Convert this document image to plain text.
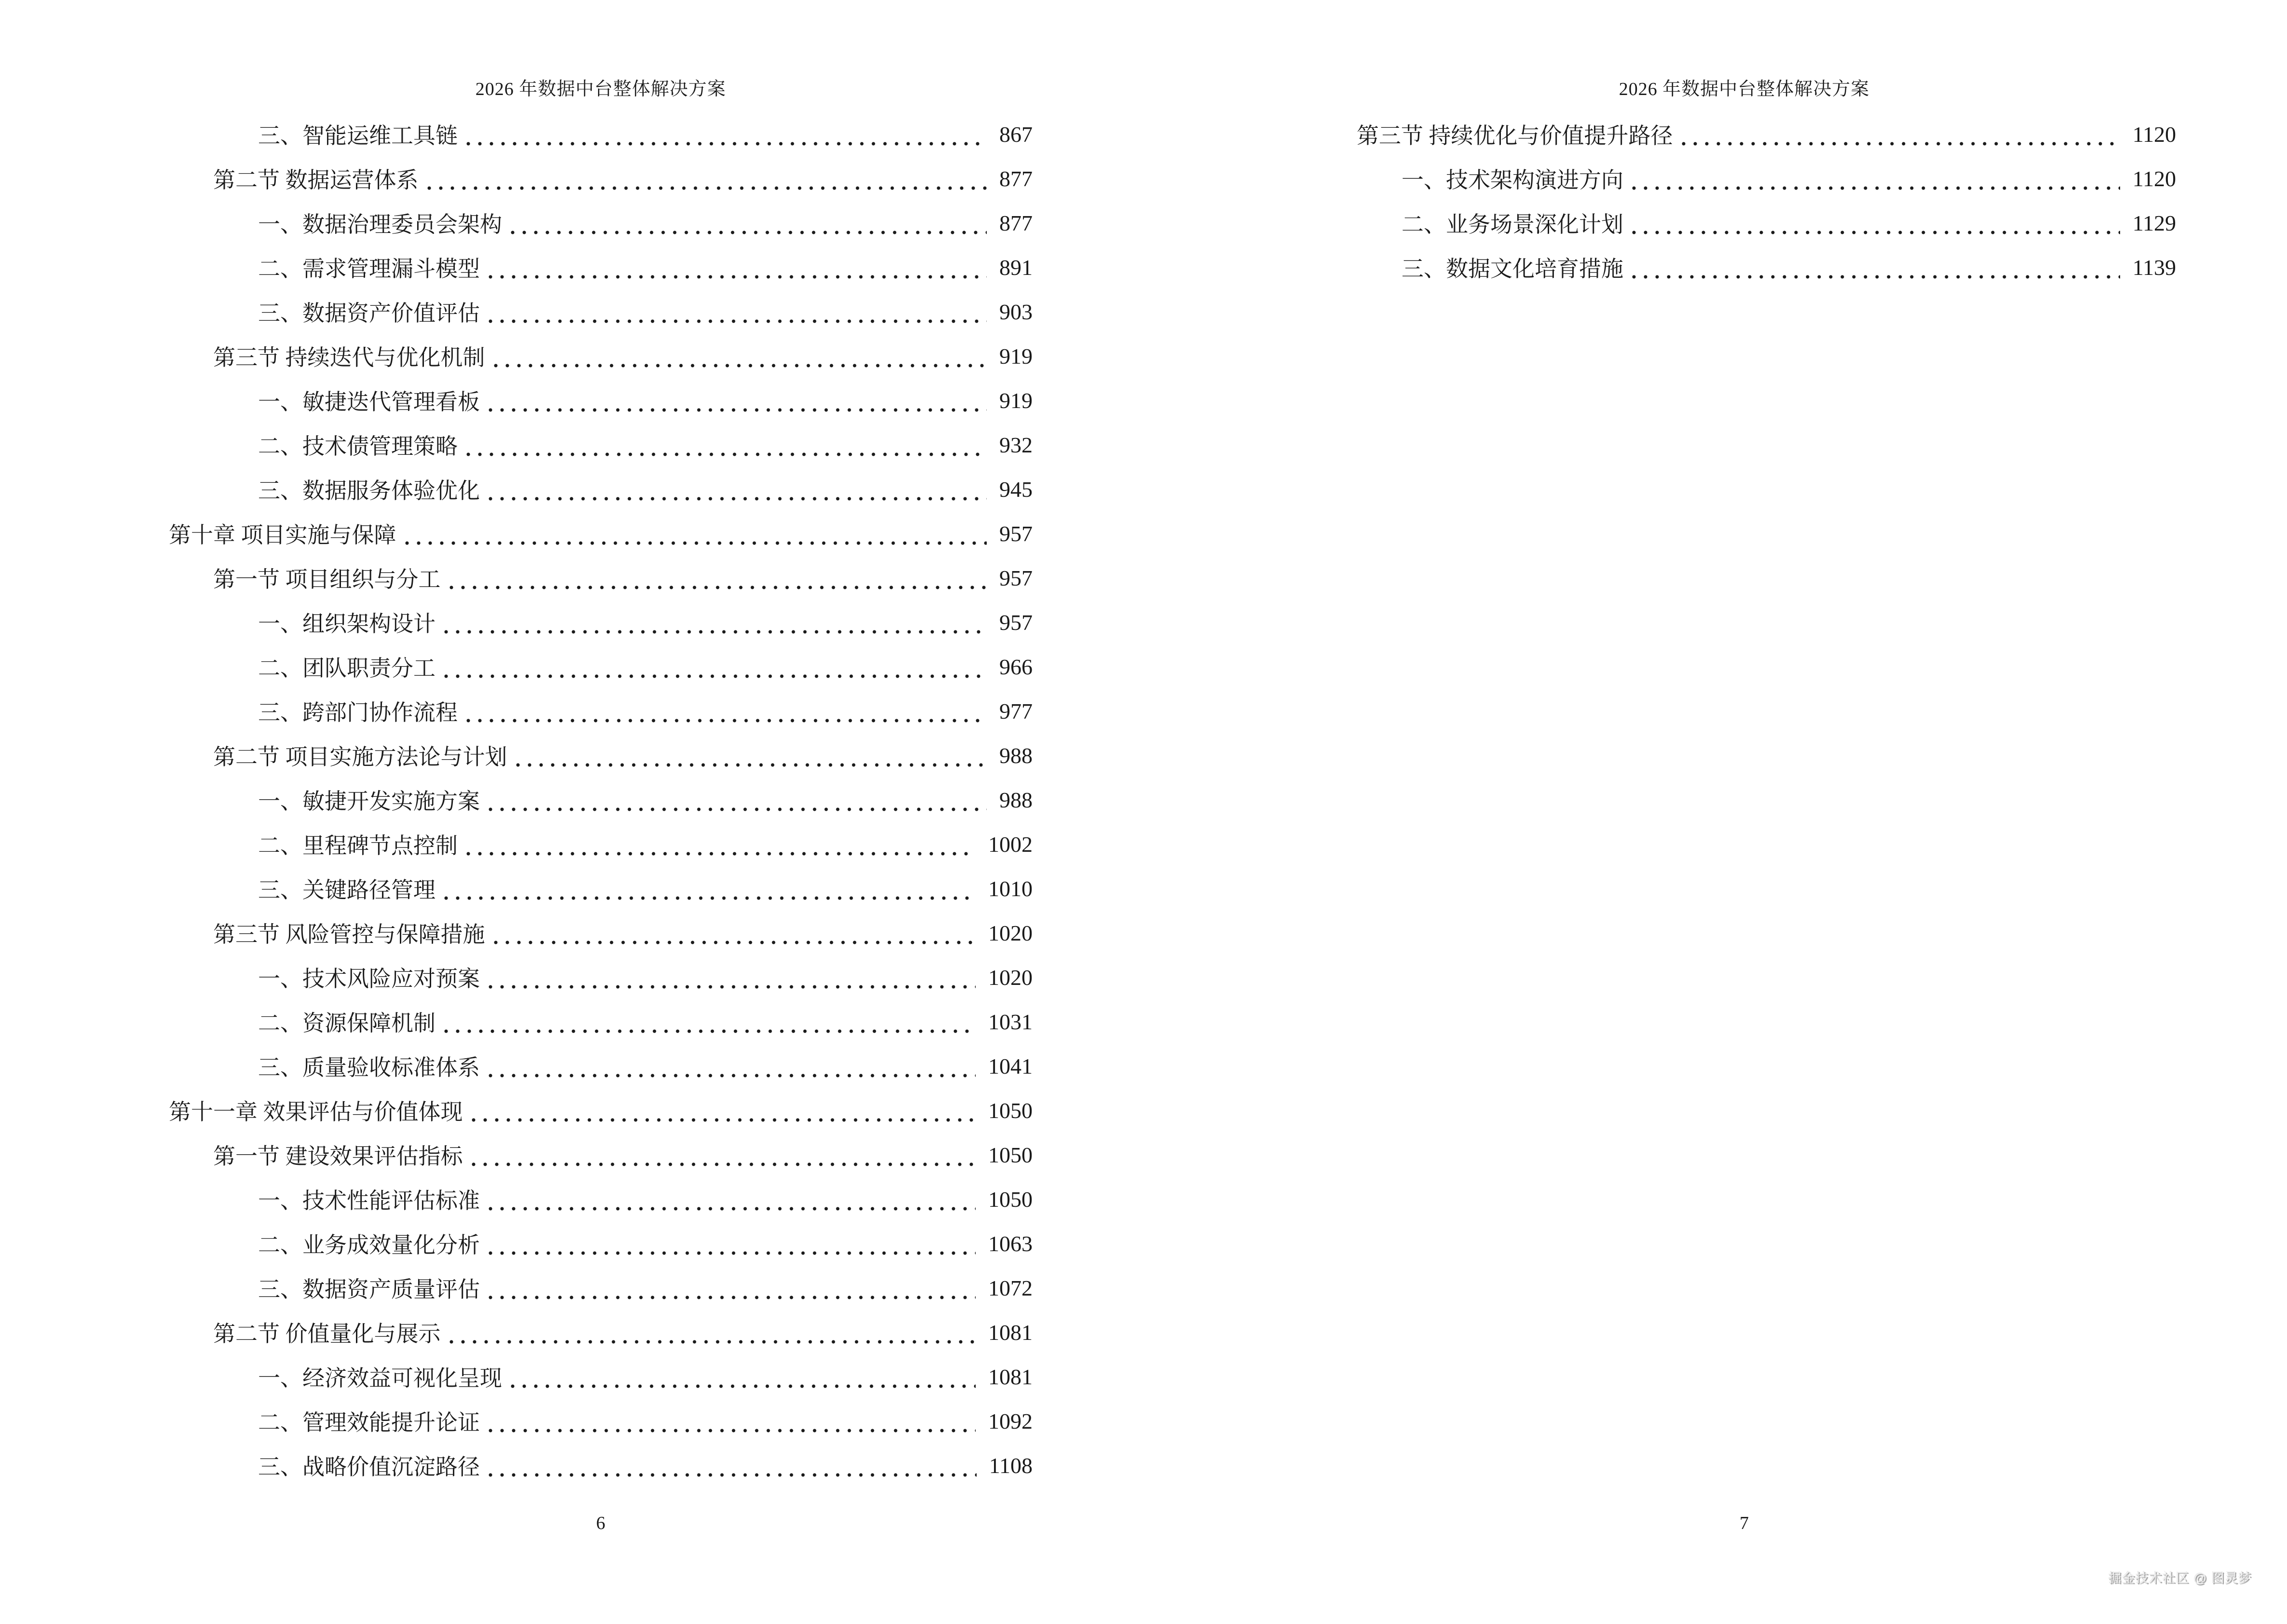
2026 年数据中台整体解决方案
三、智能运维工具链	867
第二节 数据运营体系	877
一、数据治理委员会架构	877
二、需求管理漏斗模型	891
三、数据资产价值评估	903
第三节 持续迭代与优化机制	919
一、敏捷迭代管理看板	919
二、技术债管理策略	932
三、数据服务体验优化	945
第十章 项目实施与保障	957
第一节 项目组织与分工	957
一、组织架构设计	957
二、团队职责分工	966
三、跨部门协作流程	977
第二节 项目实施方法论与计划	988
一、敏捷开发实施方案	988
二、里程碑节点控制	1002
三、关键路径管理	1010
第三节 风险管控与保障措施	1020
一、技术风险应对预案	1020
二、资源保障机制	1031
三、质量验收标准体系	1041
第十一章 效果评估与价值体现	1050
第一节 建设效果评估指标	1050
一、技术性能评估标准	1050
二、业务成效量化分析	1063
三、数据资产质量评估	1072
第二节 价值量化与展示	1081
一、经济效益可视化呈现	1081
二、管理效能提升论证	1092
三、战略价值沉淀路径	1108
6
2026 年数据中台整体解决方案
第三节 持续优化与价值提升路径	1120
一、技术架构演进方向	1120
二、业务场景深化计划	1129
三、数据文化培育措施	1139
7
掘金技术社区 @ 图灵梦
